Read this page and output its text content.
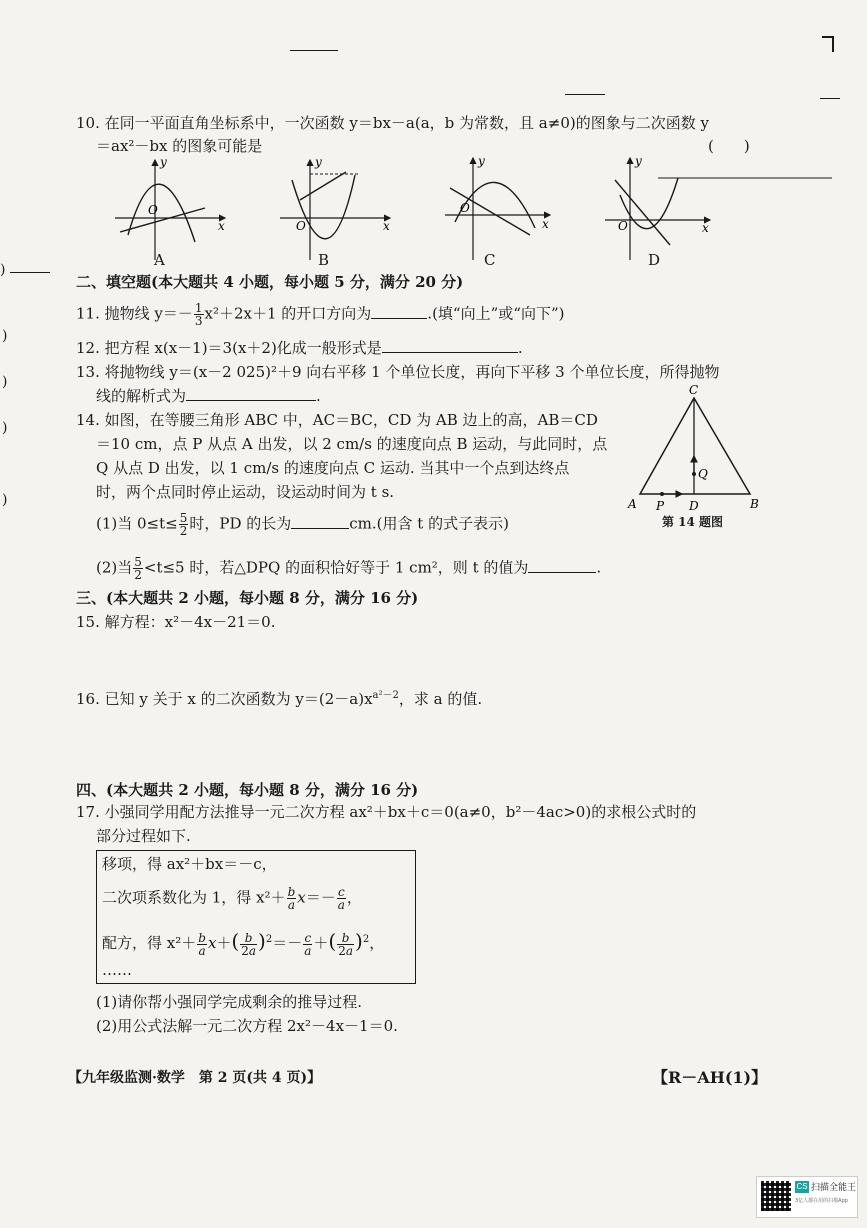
10. 在同一平面直角坐标系中，一次函数 y＝bx－a(a，b 为常数，且 a≠0)的图象与二次函数 y
＝ax²－bx 的图象可能是	(　　)
y
x
O
y
x
O
y
x
O
y
x
O
A	B	C	D
)
)
)
)
)
二、填空题(本大题共 4 小题，每小题 5 分，满分 20 分)
11. 抛物线 $y=- \frac{1}{3} x^2+2x+1$ 的开口方向为	.(填“向上”或“向下”)
12. 把方程 x(x－1)＝3(x＋2)化成一般形式是	.
13. 将抛物线 y＝(x－2 025)²＋9 向右平移 1 个单位长度，再向下平移 3 个单位长度，所得抛物
线的解析式为	.
14. 如图，在等腰三角形 ABC 中，AC＝BC，CD 为 AB 边上的高，AB＝CD
＝10 cm，点 P 从点 A 出发，以 2 cm/s 的速度向点 B 运动，与此同时，点
Q 从点 D 出发，以 1 cm/s 的速度向点 C 运动. 当其中一个点到达终点
时，两个点同时停止运动，设运动时间为 t s.
(1)当 $0\le t\le \frac{5}{2}$ 时，PD 的长为	cm.(用含 t 的式子表示)
(2)当 $\frac{5}{2} <t\le 5$ 时，若△DPQ 的面积恰好等于 1 cm²，则 t 的值为	.
C
A	B
D
P
Q
第 14 题图
三、(本大题共 2 小题，每小题 8 分，满分 16 分)
15. 解方程：x²－4x－21＝0.
16. 已知 y 关于 x 的二次函数为 $y=(2-a)x^{a^2-2}$，求 a 的值.
四、(本大题共 2 小题，每小题 8 分，满分 16 分)
17. 小强同学用配方法推导一元二次方程 ax²＋bx＋c＝0(a≠0，b²－4ac>0)的求根公式时的
部分过程如下.
移项，得 ax²＋bx＝－c，
二次项系数化为 1，得 $x^2+ \frac{b}{a} x=- \frac{c}{a}$ ，
配方，得 $x^2+ \frac{b}{a} x+( \frac{b}{2a} )^2=- \frac{c}{a}$ ＋( $\frac{b}{2a} )^2$，
……
(1)请你帮小强同学完成剩余的推导过程.
(2)用公式法解一元二次方程 2x²－4x－1＝0.
【九年级监测·数学　第 2 页(共 4 页)】	【R－AH(1)】
CS 扫描全能王
3亿人都在用的扫描App
